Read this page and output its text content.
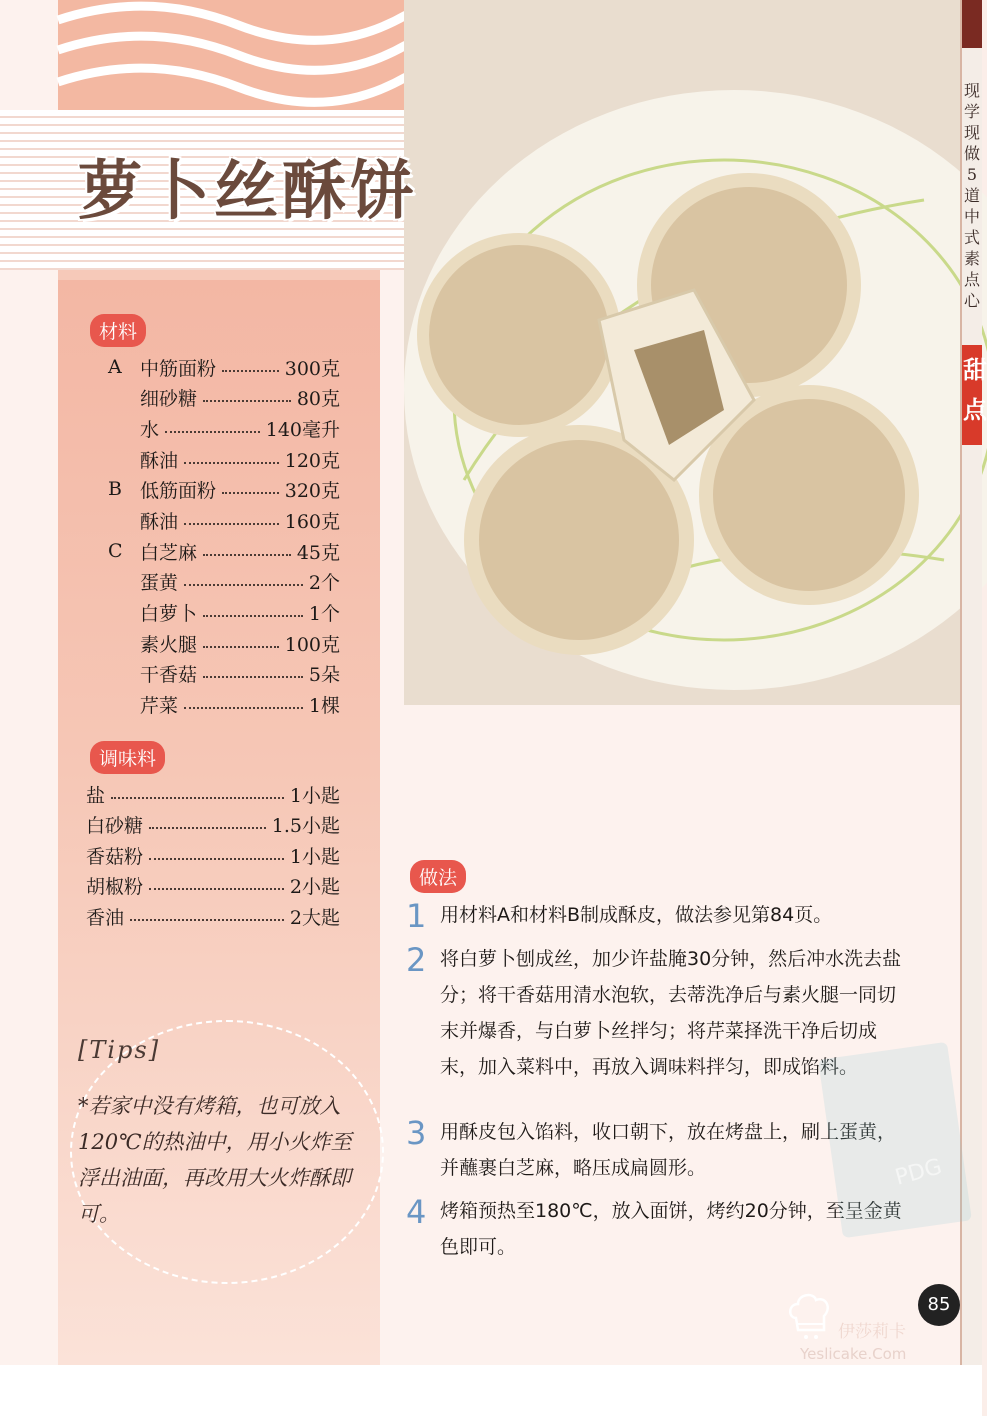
现
学
现
做
5
道
中
式
素
点
心
甜
点
萝卜丝酥饼
材料
A 中筋面粉	300克
细砂糖	80克
水	140毫升
酥油	120克
B 低筋面粉	320克
酥油	160克
C 白芝麻	45克
蛋黄	2个
白萝卜	1个
素火腿	100克
干香菇	5朵
芹菜	1棵
调味料
盐	1小匙
白砂糖	1.5小匙
香菇粉	1小匙
胡椒粉	2小匙
香油	2大匙
[Tips]
*若家中没有烤箱，也可放入120℃的热油中，用小火炸至浮出油面，再改用大火炸酥即可。
做法
1 用材料A和材料B制成酥皮，做法参见第84页。
2 将白萝卜刨成丝，加少许盐腌30分钟，然后冲水洗去盐分；将干香菇用清水泡软，去蒂洗净后与素火腿一同切末并爆香，与白萝卜丝拌匀；将芹菜择洗干净后切成末，加入菜料中，再放入调味料拌匀，即成馅料。
3 用酥皮包入馅料，收口朝下，放在烤盘上，刷上蛋黄，并蘸裹白芝麻，略压成扁圆形。
4 烤箱预热至180℃，放入面饼，烤约20分钟，至呈金黄色即可。
PDG
伊莎莉卡
Yeslicake.Com
85
